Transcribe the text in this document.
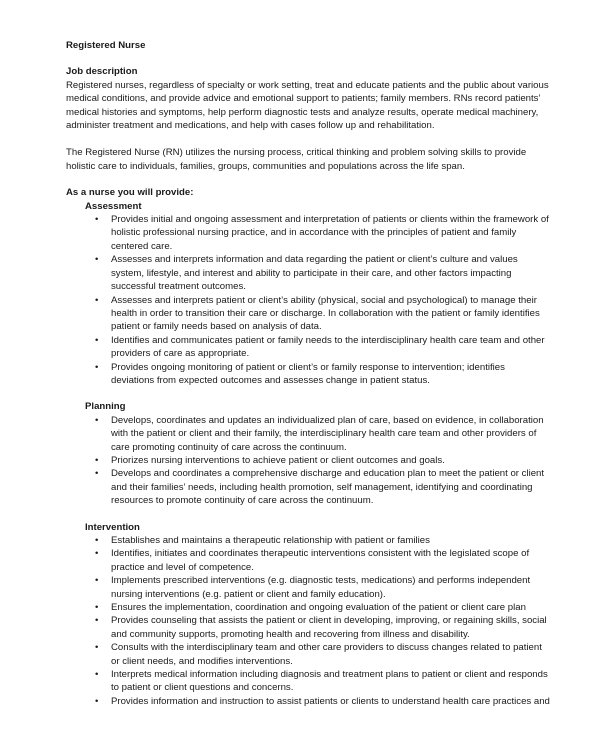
Registered Nurse
Job description

Registered nurses, regardless of specialty or work setting, treat and educate patients and the public about various medical conditions, and provide advice and emotional support to patients; family members. RNs record patients’ medical histories and symptoms, help perform diagnostic tests and analyze results, operate medical machinery, administer treatment and medications, and help with cases follow up and rehabilitation.

The Registered Nurse (RN) utilizes the nursing process, critical thinking and problem solving skills to provide holistic care to individuals, families, groups, communities and populations across the life span.

As a nurse you will provide:
Assessment
• Provides initial and ongoing assessment and interpretation of patients or clients within the framework of holistic professional nursing practice, and in accordance with the principles of patient and family centered care.
• Assesses and interprets information and data regarding the patient or client’s culture and values system, lifestyle, and interest and ability to participate in their care, and other factors impacting successful treatment outcomes.
• Assesses and interprets patient or client’s ability (physical, social and psychological) to manage their health in order to transition their care or discharge. In collaboration with the patient or family identifies patient or family needs based on analysis of data.
• Identifies and communicates patient or family needs to the interdisciplinary health care team and other providers of care as appropriate.
• Provides ongoing monitoring of patient or client’s or family response to intervention; identifies deviations from expected outcomes and assesses change in patient status.
Planning
• Develops, coordinates and updates an individualized plan of care, based on evidence, in collaboration with the patient or client and their family, the interdisciplinary health care team and other providers of care promoting continuity of care across the continuum.
• Priorizes nursing interventions to achieve patient or client outcomes and goals.
• Develops and coordinates a comprehensive discharge and education plan to meet the patient or client and their families’ needs, including health promotion, self management, identifying and coordinating resources to promote continuity of care across the continuum.
Intervention
• Establishes and maintains a therapeutic relationship with patient or families
• Identifies, initiates and coordinates therapeutic interventions consistent with the legislated scope of practice and level of competence.
• Implements prescribed interventions (e.g. diagnostic tests, medications) and performs independent nursing interventions (e.g. patient or client and family education).
• Ensures the implementation, coordination and ongoing evaluation of the patient or client care plan
• Provides counseling that assists the patient or client in developing, improving, or regaining skills, social and community supports, promoting health and recovering from illness and disability.
• Consults with the interdisciplinary team and other care providers to discuss changes related to patient or client needs, and modifies interventions.
• Interprets medical information including diagnosis and treatment plans to patient or client and responds to patient or client questions and concerns.
• Provides information and instruction to assist patients or clients to understand health care practices and
